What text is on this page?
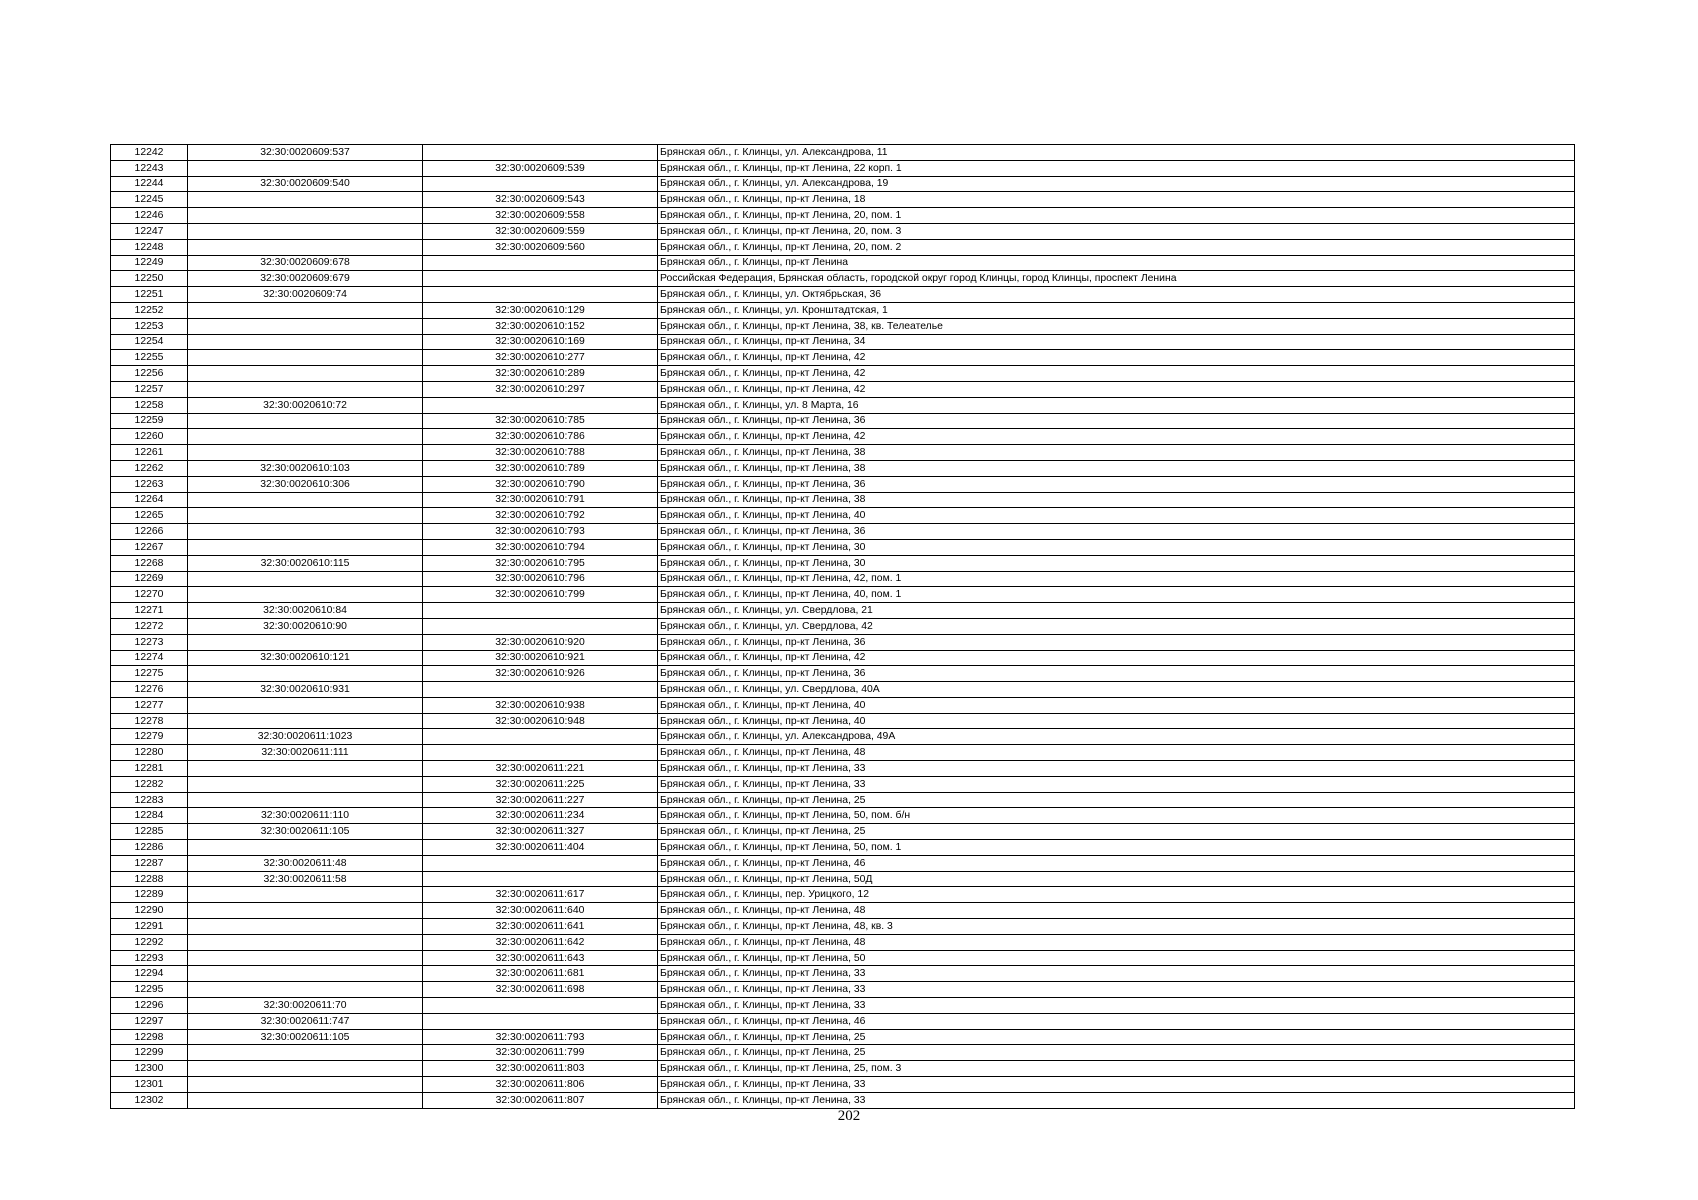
12242	32:30:0020609:537		Брянская обл., г. Клинцы, ул. Александрова, 11
12243		32:30:0020609:539	Брянская обл., г. Клинцы, пр-кт Ленина, 22 корп. 1
12244	32:30:0020609:540		Брянская обл., г. Клинцы, ул. Александрова, 19
12245		32:30:0020609:543	Брянская обл., г. Клинцы, пр-кт Ленина, 18
12246		32:30:0020609:558	Брянская обл., г. Клинцы, пр-кт Ленина, 20, пом. 1
12247		32:30:0020609:559	Брянская обл., г. Клинцы, пр-кт Ленина, 20, пом. 3
12248		32:30:0020609:560	Брянская обл., г. Клинцы, пр-кт Ленина, 20, пом. 2
12249	32:30:0020609:678		Брянская обл., г. Клинцы, пр-кт Ленина
12250	32:30:0020609:679		Российская Федерация, Брянская область, городской округ город Клинцы, город Клинцы, проспект Ленина
12251	32:30:0020609:74		Брянская обл., г. Клинцы, ул. Октябрьская, 36
12252		32:30:0020610:129	Брянская обл., г. Клинцы, ул. Кронштадтская, 1
12253		32:30:0020610:152	Брянская обл., г. Клинцы, пр-кт Ленина, 38, кв. Телеателье
12254		32:30:0020610:169	Брянская обл., г. Клинцы, пр-кт Ленина, 34
12255		32:30:0020610:277	Брянская обл., г. Клинцы, пр-кт Ленина, 42
12256		32:30:0020610:289	Брянская обл., г. Клинцы, пр-кт Ленина, 42
12257		32:30:0020610:297	Брянская обл., г. Клинцы, пр-кт Ленина, 42
12258	32:30:0020610:72		Брянская обл., г. Клинцы, ул. 8 Марта, 16
12259		32:30:0020610:785	Брянская обл., г. Клинцы, пр-кт Ленина, 36
12260		32:30:0020610:786	Брянская обл., г. Клинцы, пр-кт Ленина, 42
12261		32:30:0020610:788	Брянская обл., г. Клинцы, пр-кт Ленина, 38
12262	32:30:0020610:103	32:30:0020610:789	Брянская обл., г. Клинцы, пр-кт Ленина, 38
12263	32:30:0020610:306	32:30:0020610:790	Брянская обл., г. Клинцы, пр-кт Ленина, 36
12264		32:30:0020610:791	Брянская обл., г. Клинцы, пр-кт Ленина, 38
12265		32:30:0020610:792	Брянская обл., г. Клинцы, пр-кт Ленина, 40
12266		32:30:0020610:793	Брянская обл., г. Клинцы, пр-кт Ленина, 36
12267		32:30:0020610:794	Брянская обл., г. Клинцы, пр-кт Ленина, 30
12268	32:30:0020610:115	32:30:0020610:795	Брянская обл., г. Клинцы, пр-кт Ленина, 30
12269		32:30:0020610:796	Брянская обл., г. Клинцы, пр-кт Ленина, 42, пом. 1
12270		32:30:0020610:799	Брянская обл., г. Клинцы, пр-кт Ленина, 40, пом. 1
12271	32:30:0020610:84		Брянская обл., г. Клинцы, ул. Свердлова, 21
12272	32:30:0020610:90		Брянская обл., г. Клинцы, ул. Свердлова, 42
12273		32:30:0020610:920	Брянская обл., г. Клинцы, пр-кт Ленина, 36
12274	32:30:0020610:121	32:30:0020610:921	Брянская обл., г. Клинцы, пр-кт Ленина, 42
12275		32:30:0020610:926	Брянская обл., г. Клинцы, пр-кт Ленина, 36
12276	32:30:0020610:931		Брянская обл., г. Клинцы, ул. Свердлова, 40А
12277		32:30:0020610:938	Брянская обл., г. Клинцы, пр-кт Ленина, 40
12278		32:30:0020610:948	Брянская обл., г. Клинцы, пр-кт Ленина, 40
12279	32:30:0020611:1023		Брянская обл., г. Клинцы, ул. Александрова, 49А
12280	32:30:0020611:111		Брянская обл., г. Клинцы, пр-кт Ленина, 48
12281		32:30:0020611:221	Брянская обл., г. Клинцы, пр-кт Ленина, 33
12282		32:30:0020611:225	Брянская обл., г. Клинцы, пр-кт Ленина, 33
12283		32:30:0020611:227	Брянская обл., г. Клинцы, пр-кт Ленина, 25
12284	32:30:0020611:110	32:30:0020611:234	Брянская обл., г. Клинцы, пр-кт Ленина, 50, пом. б/н
12285	32:30:0020611:105	32:30:0020611:327	Брянская обл., г. Клинцы, пр-кт Ленина, 25
12286		32:30:0020611:404	Брянская обл., г. Клинцы, пр-кт Ленина, 50, пом. 1
12287	32:30:0020611:48		Брянская обл., г. Клинцы, пр-кт Ленина, 46
12288	32:30:0020611:58		Брянская обл., г. Клинцы, пр-кт Ленина, 50Д
12289		32:30:0020611:617	Брянская обл., г. Клинцы, пер. Урицкого, 12
12290		32:30:0020611:640	Брянская обл., г. Клинцы, пр-кт Ленина, 48
12291		32:30:0020611:641	Брянская обл., г. Клинцы, пр-кт Ленина, 48, кв. 3
12292		32:30:0020611:642	Брянская обл., г. Клинцы, пр-кт Ленина, 48
12293		32:30:0020611:643	Брянская обл., г. Клинцы, пр-кт Ленина, 50
12294		32:30:0020611:681	Брянская обл., г. Клинцы, пр-кт Ленина, 33
12295		32:30:0020611:698	Брянская обл., г. Клинцы, пр-кт Ленина, 33
12296	32:30:0020611:70		Брянская обл., г. Клинцы, пр-кт Ленина, 33
12297	32:30:0020611:747		Брянская обл., г. Клинцы, пр-кт Ленина, 46
12298	32:30:0020611:105	32:30:0020611:793	Брянская обл., г. Клинцы, пр-кт Ленина, 25
12299		32:30:0020611:799	Брянская обл., г. Клинцы, пр-кт Ленина, 25
12300		32:30:0020611:803	Брянская обл., г. Клинцы, пр-кт Ленина, 25, пом. 3
12301		32:30:0020611:806	Брянская обл., г. Клинцы, пр-кт Ленина, 33
12302		32:30:0020611:807	Брянская обл., г. Клинцы, пр-кт Ленина, 33
202
